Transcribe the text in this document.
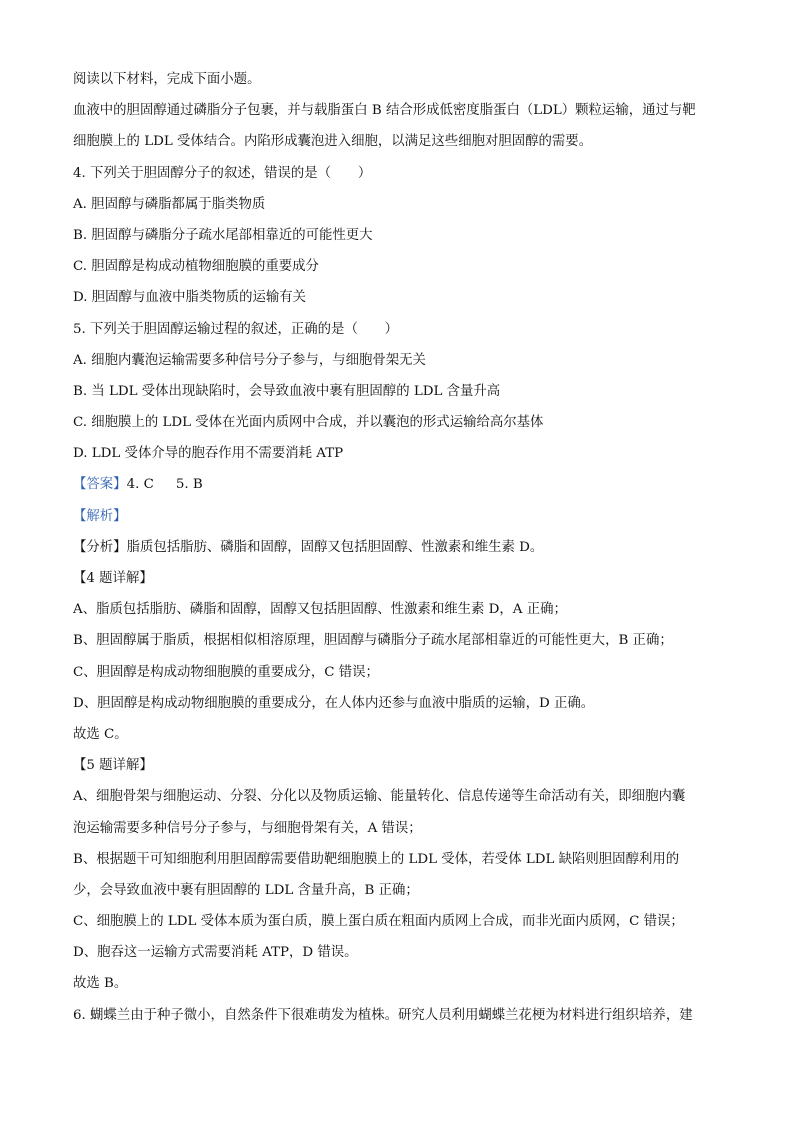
阅读以下材料，完成下面小题。
血液中的胆固醇通过磷脂分子包裹，并与载脂蛋白 B 结合形成低密度脂蛋白（LDL）颗粒运输，通过与靶
细胞膜上的 LDL 受体结合。内陷形成囊泡进入细胞，以满足这些细胞对胆固醇的需要。
4. 下列关于胆固醇分子的叙述，错误的是（　　）
A. 胆固醇与磷脂都属于脂类物质
B. 胆固醇与磷脂分子疏水尾部相靠近的可能性更大
C. 胆固醇是构成动植物细胞膜的重要成分
D. 胆固醇与血液中脂类物质的运输有关
5. 下列关于胆固醇运输过程的叙述，正确的是（　　）
A. 细胞内囊泡运输需要多种信号分子参与，与细胞骨架无关
B. 当 LDL 受体出现缺陷时，会导致血液中裹有胆固醇的 LDL 含量升高
C. 细胞膜上的 LDL 受体在光面内质网中合成，并以囊泡的形式运输给高尔基体
D. LDL 受体介导的胞吞作用不需要消耗 ATP
【答案】4. C 5. B
【解析】
【分析】脂质包括脂肪、磷脂和固醇，固醇又包括胆固醇、性激素和维生素 D。
【4 题详解】
A、脂质包括脂肪、磷脂和固醇，固醇又包括胆固醇、性激素和维生素 D，A 正确；
B、胆固醇属于脂质，根据相似相溶原理，胆固醇与磷脂分子疏水尾部相靠近的可能性更大，B 正确；
C、胆固醇是构成动物细胞膜的重要成分，C 错误；
D、胆固醇是构成动物细胞膜的重要成分，在人体内还参与血液中脂质的运输，D 正确。
故选 C。
【5 题详解】
A、细胞骨架与细胞运动、分裂、分化以及物质运输、能量转化、信息传递等生命活动有关，即细胞内囊
泡运输需要多种信号分子参与，与细胞骨架有关，A 错误；
B、根据题干可知细胞利用胆固醇需要借助靶细胞膜上的 LDL 受体，若受体 LDL 缺陷则胆固醇利用的
少，会导致血液中裹有胆固醇的 LDL 含量升高，B 正确；
C、细胞膜上的 LDL 受体本质为蛋白质，膜上蛋白质在粗面内质网上合成，而非光面内质网，C 错误；
D、胞吞这一运输方式需要消耗 ATP，D 错误。
故选 B。
6. 蝴蝶兰由于种子微小，自然条件下很难萌发为植株。研究人员利用蝴蝶兰花梗为材料进行组织培养，建
